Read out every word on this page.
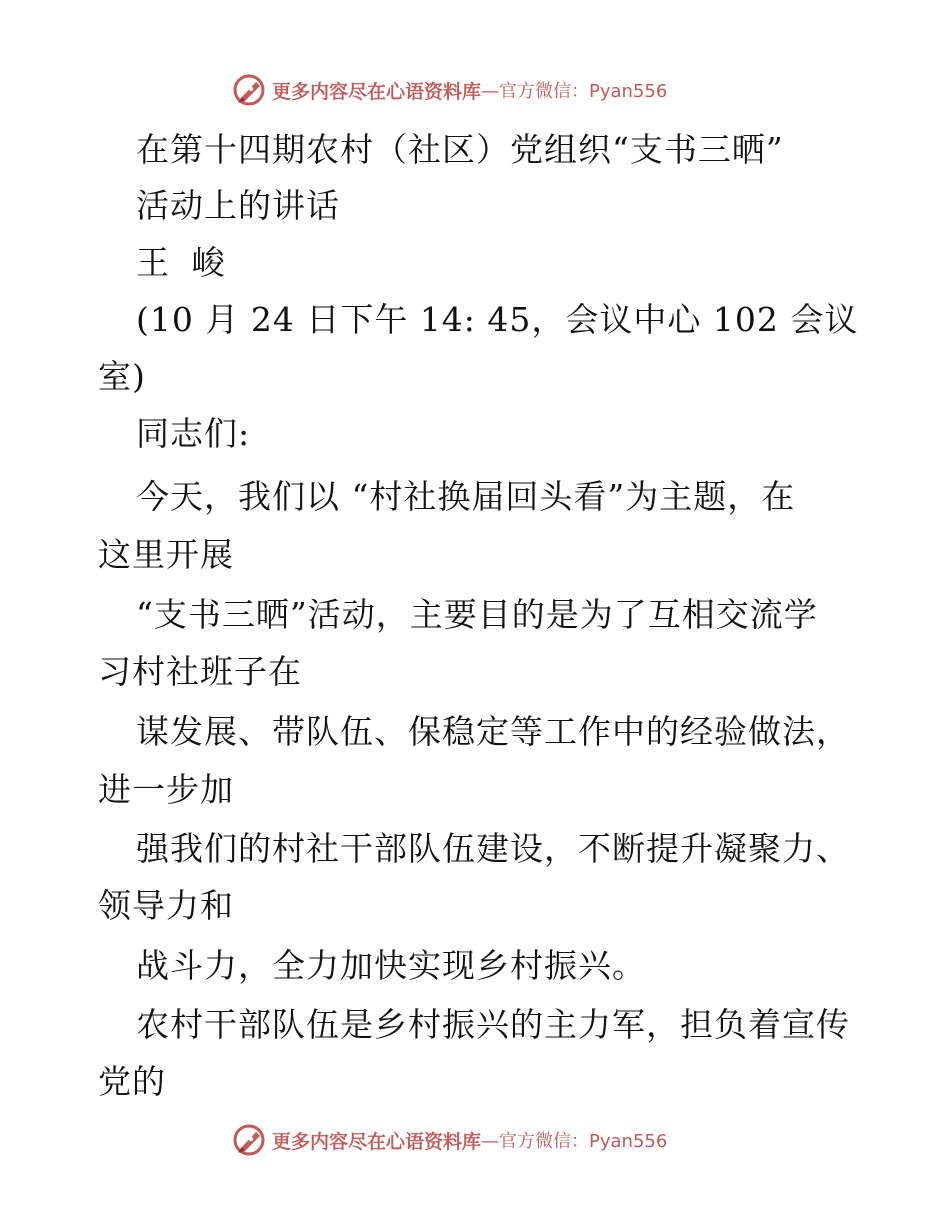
更多内容尽在心语资料库 —官方微信：Pyan556
在第十四期农村（社区）党组织“支书三晒”
活动上的讲话
王 峻
(10 月 24 日下午 14: 45，会议中心 102 会议
室)
同志们:
今天，我们以 “村社换届回头看”为主题，在
这里开展
“支书三晒”活动，主要目的是为了互相交流学
习村社班子在
谋发展、带队伍、保稳定等工作中的经验做法，
进一步加
强我们的村社干部队伍建设，不断提升凝聚力、
领导力和
战斗力，全力加快实现乡村振兴。
农村干部队伍是乡村振兴的主力军，担负着宣传
党的
更多内容尽在心语资料库 —官方微信：Pyan556
